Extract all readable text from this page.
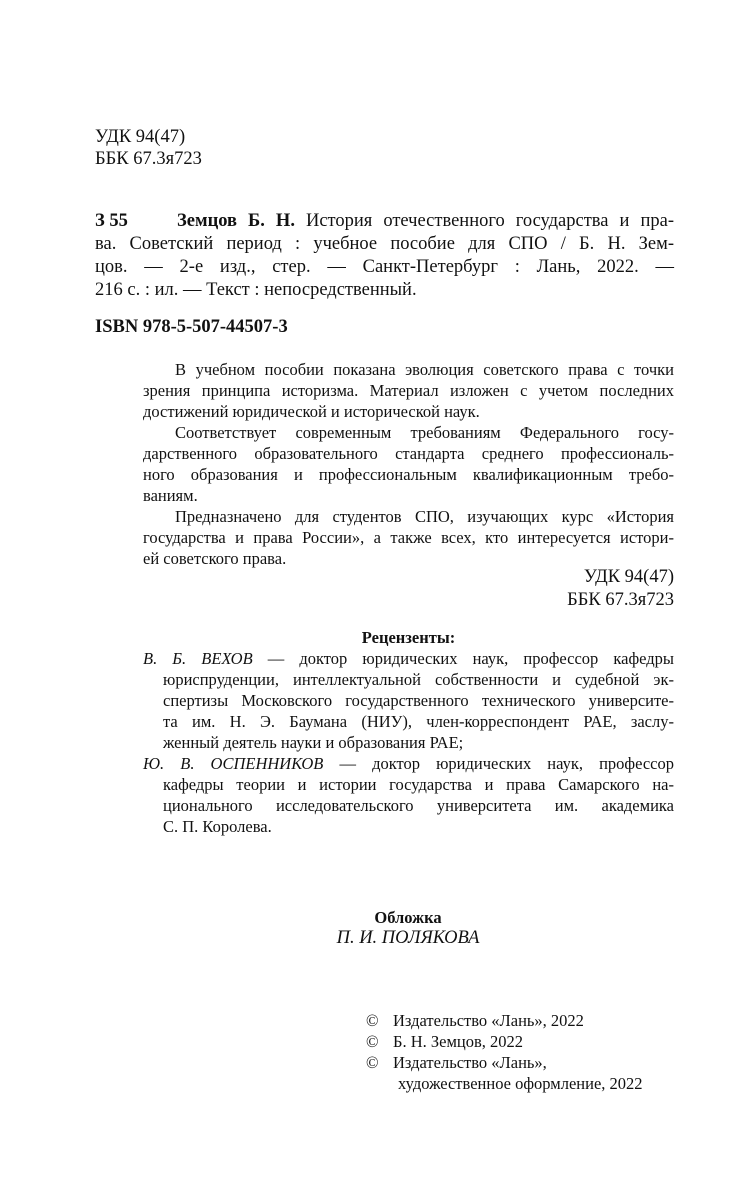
УДК 94(47)
ББК 67.3я723
З 55	Земцов Б. Н. История отечественного государства и пра-
ва. Советский период : учебное пособие для СПО / Б. Н. Зем-
цов. — 2-е изд., стер. — Санкт-Петербург : Лань, 2022. —
216 с. : ил. — Текст : непосредственный.
ISBN 978-5-507-44507-3
В учебном пособии показана эволюция советского права с точки
зрения принципа историзма. Материал изложен с учетом последних
достижений юридической и исторической наук.
Соответствует современным требованиям Федерального госу-
дарственного образовательного стандарта среднего профессиональ-
ного образования и профессиональным квалификационным требо-
ваниям.
Предназначено для студентов СПО, изучающих курс «История
государства и права России», а также всех, кто интересуется истори-
ей советского права.
УДК 94(47)
ББК 67.3я723
Рецензенты:
В. Б. ВЕХОВ — доктор юридических наук, профессор кафедры
юриспруденции, интеллектуальной собственности и судебной эк-
спертизы Московского государственного технического университе-
та им. Н. Э. Баумана (НИУ), член-корреспондент РАЕ, заслу-
женный деятель науки и образования РАЕ;
Ю. В. ОСПЕННИКОВ — доктор юридических наук, профессор
кафедры теории и истории государства и права Самарского на-
ционального исследовательского университета им. академика
С. П. Королева.
Обложка
П. И. ПОЛЯКОВА
© Издательство «Лань», 2022
© Б. Н. Земцов, 2022
© Издательство «Лань»,
художественное оформление, 2022
